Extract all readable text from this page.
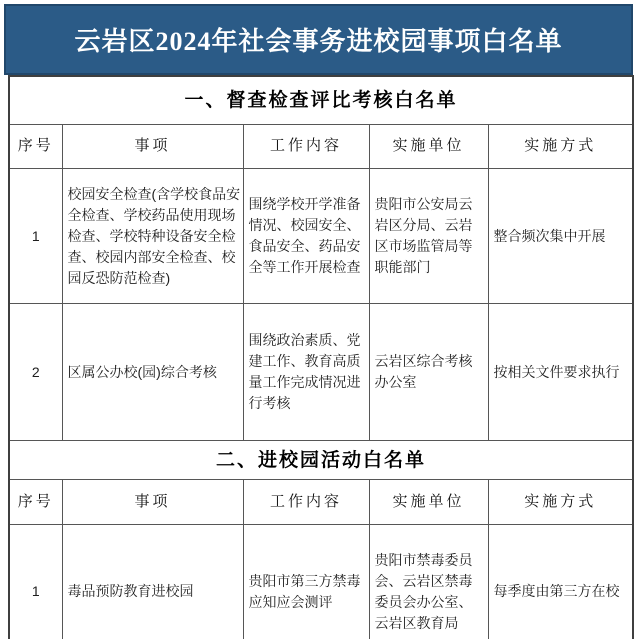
云岩区2024年社会事务进校园事项白名单
一、督查检查评比考核白名单				
序号	事项	工作内容	实施单位	实施方式
1	校园安全检查(含学校食品安全检查、学校药品使用现场检查、学校特种设备安全检查、校园内部安全检查、校园反恐防范检查)	围绕学校开学准备情况、校园安全、食品安全、药品安全等工作开展检查	贵阳市公安局云岩区分局、云岩区市场监管局等职能部门	整合频次集中开展
2	区属公办校(园)综合考核	围绕政治素质、党建工作、教育高质量工作完成情况进行考核	云岩区综合考核办公室	按相关文件要求执行
二、进校园活动白名单				
序号	事项	工作内容	实施单位	实施方式
1	毒品预防教育进校园	贵阳市第三方禁毒应知应会测评	贵阳市禁毒委员会、云岩区禁毒委员会办公室、云岩区教育局	每季度由第三方在校
